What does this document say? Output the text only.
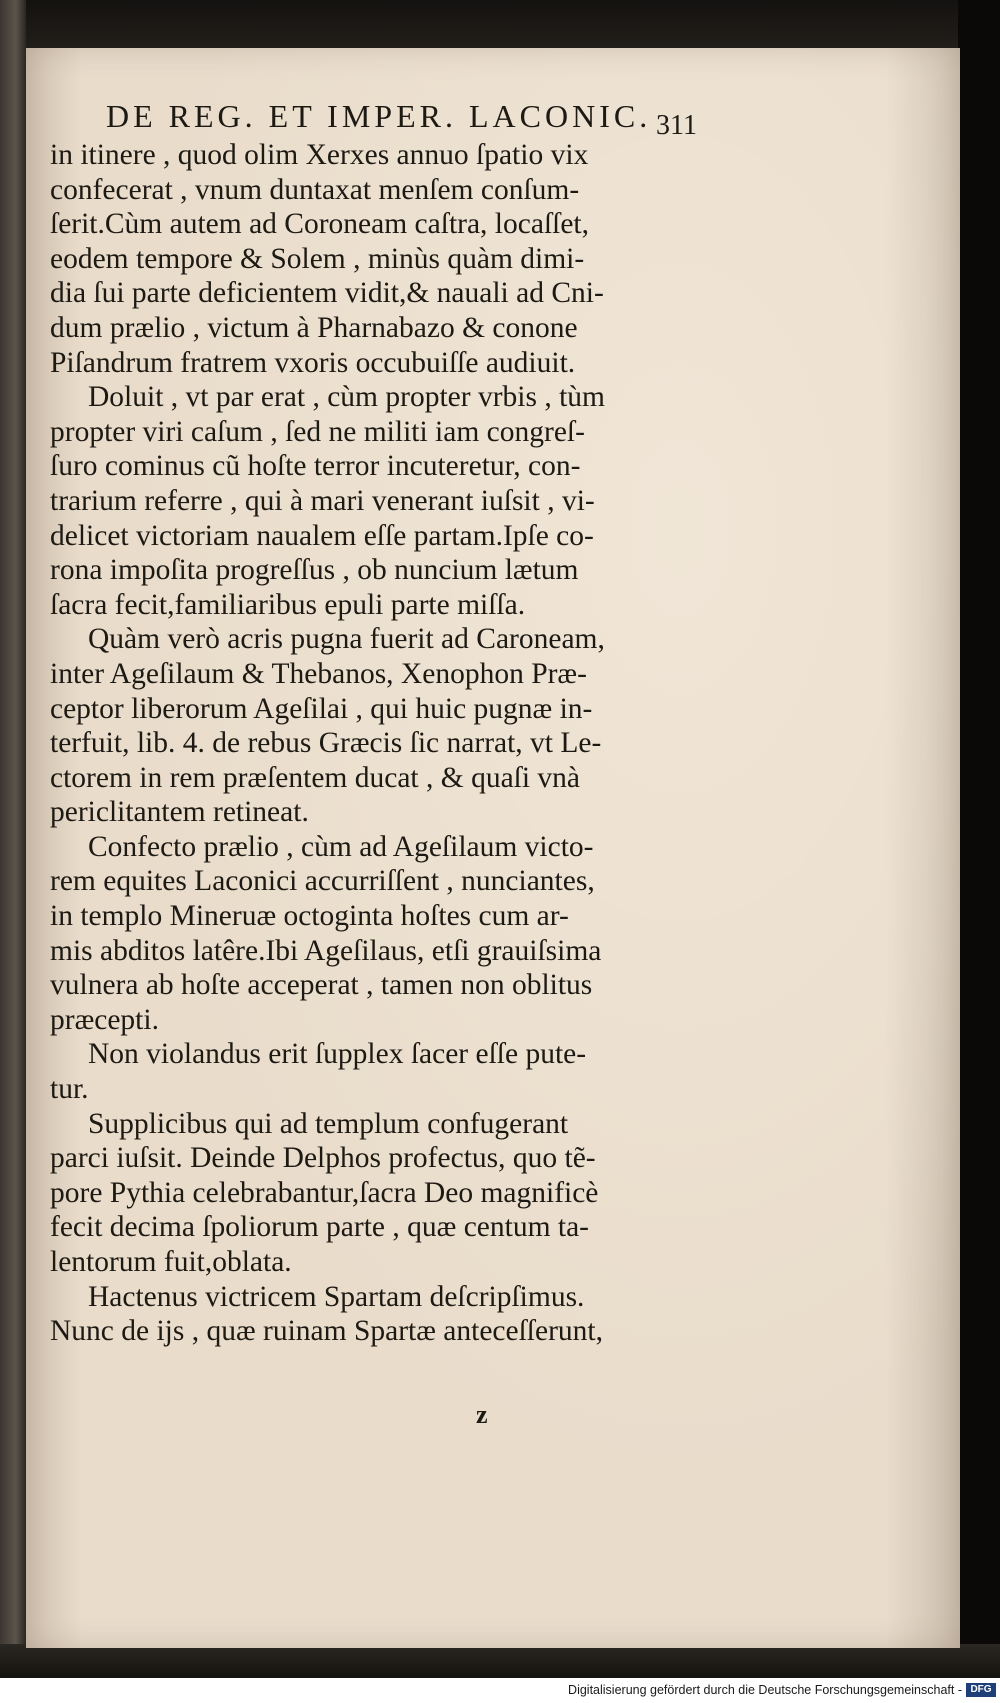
DE REG. ET IMPER. LACONIC. 311
in itinere , quod olim Xerxes annuo ſpatio vix
confecerat , vnum duntaxat menſem conſum-
ſerit.Cùm autem ad Coroneam caſtra, locaſſet,
eodem tempore & Solem , minùs quàm dimi-
dia ſui parte deficientem vidit,& nauali ad Cni-
dum prælio , victum à Pharnabazo & conone
Piſandrum fratrem vxoris occubuiſſe audiuit.
Doluit , vt par erat , cùm propter vrbis , tùm
propter viri caſum , ſed ne militi iam congreſ-
ſuro cominus cũ hoſte terror incuteretur, con-
trarium referre , qui à mari venerant iuſsit , vi-
delicet victoriam naualem eſſe partam.Ipſe co-
rona impoſita progreſſus , ob nuncium lætum
ſacra fecit,familiaribus epuli parte miſſa.
Quàm verò acris pugna fuerit ad Caroneam,
inter Ageſilaum & Thebanos, Xenophon Præ-
ceptor liberorum Ageſilai , qui huic pugnæ in-
terfuit, lib. 4. de rebus Græcis ſic narrat, vt Le-
ctorem in rem præſentem ducat , & quaſi vnà
periclitantem retineat.
Confecto prælio , cùm ad Ageſilaum victo-
rem equites Laconici accurriſſent , nunciantes,
in templo Mineruæ octoginta hoſtes cum ar-
mis abditos latêre.Ibi Ageſilaus, etſi grauiſsima
vulnera ab hoſte acceperat , tamen non oblitus
præcepti.
Non violandus erit ſupplex ſacer eſſe pute-
tur.
Supplicibus qui ad templum confugerant
parci iuſsit. Deinde Delphos profectus, quo tẽ-
pore Pythia celebrabantur,ſacra Deo magnificè
fecit decima ſpoliorum parte , quæ centum ta-
lentorum fuit,oblata.
Hactenus victricem Spartam deſcripſimus.
Nunc de ijs , quæ ruinam Spartæ anteceſſerunt,
z
Digitalisierung gefördert durch die Deutsche Forschungsgemeinschaft - DFG
